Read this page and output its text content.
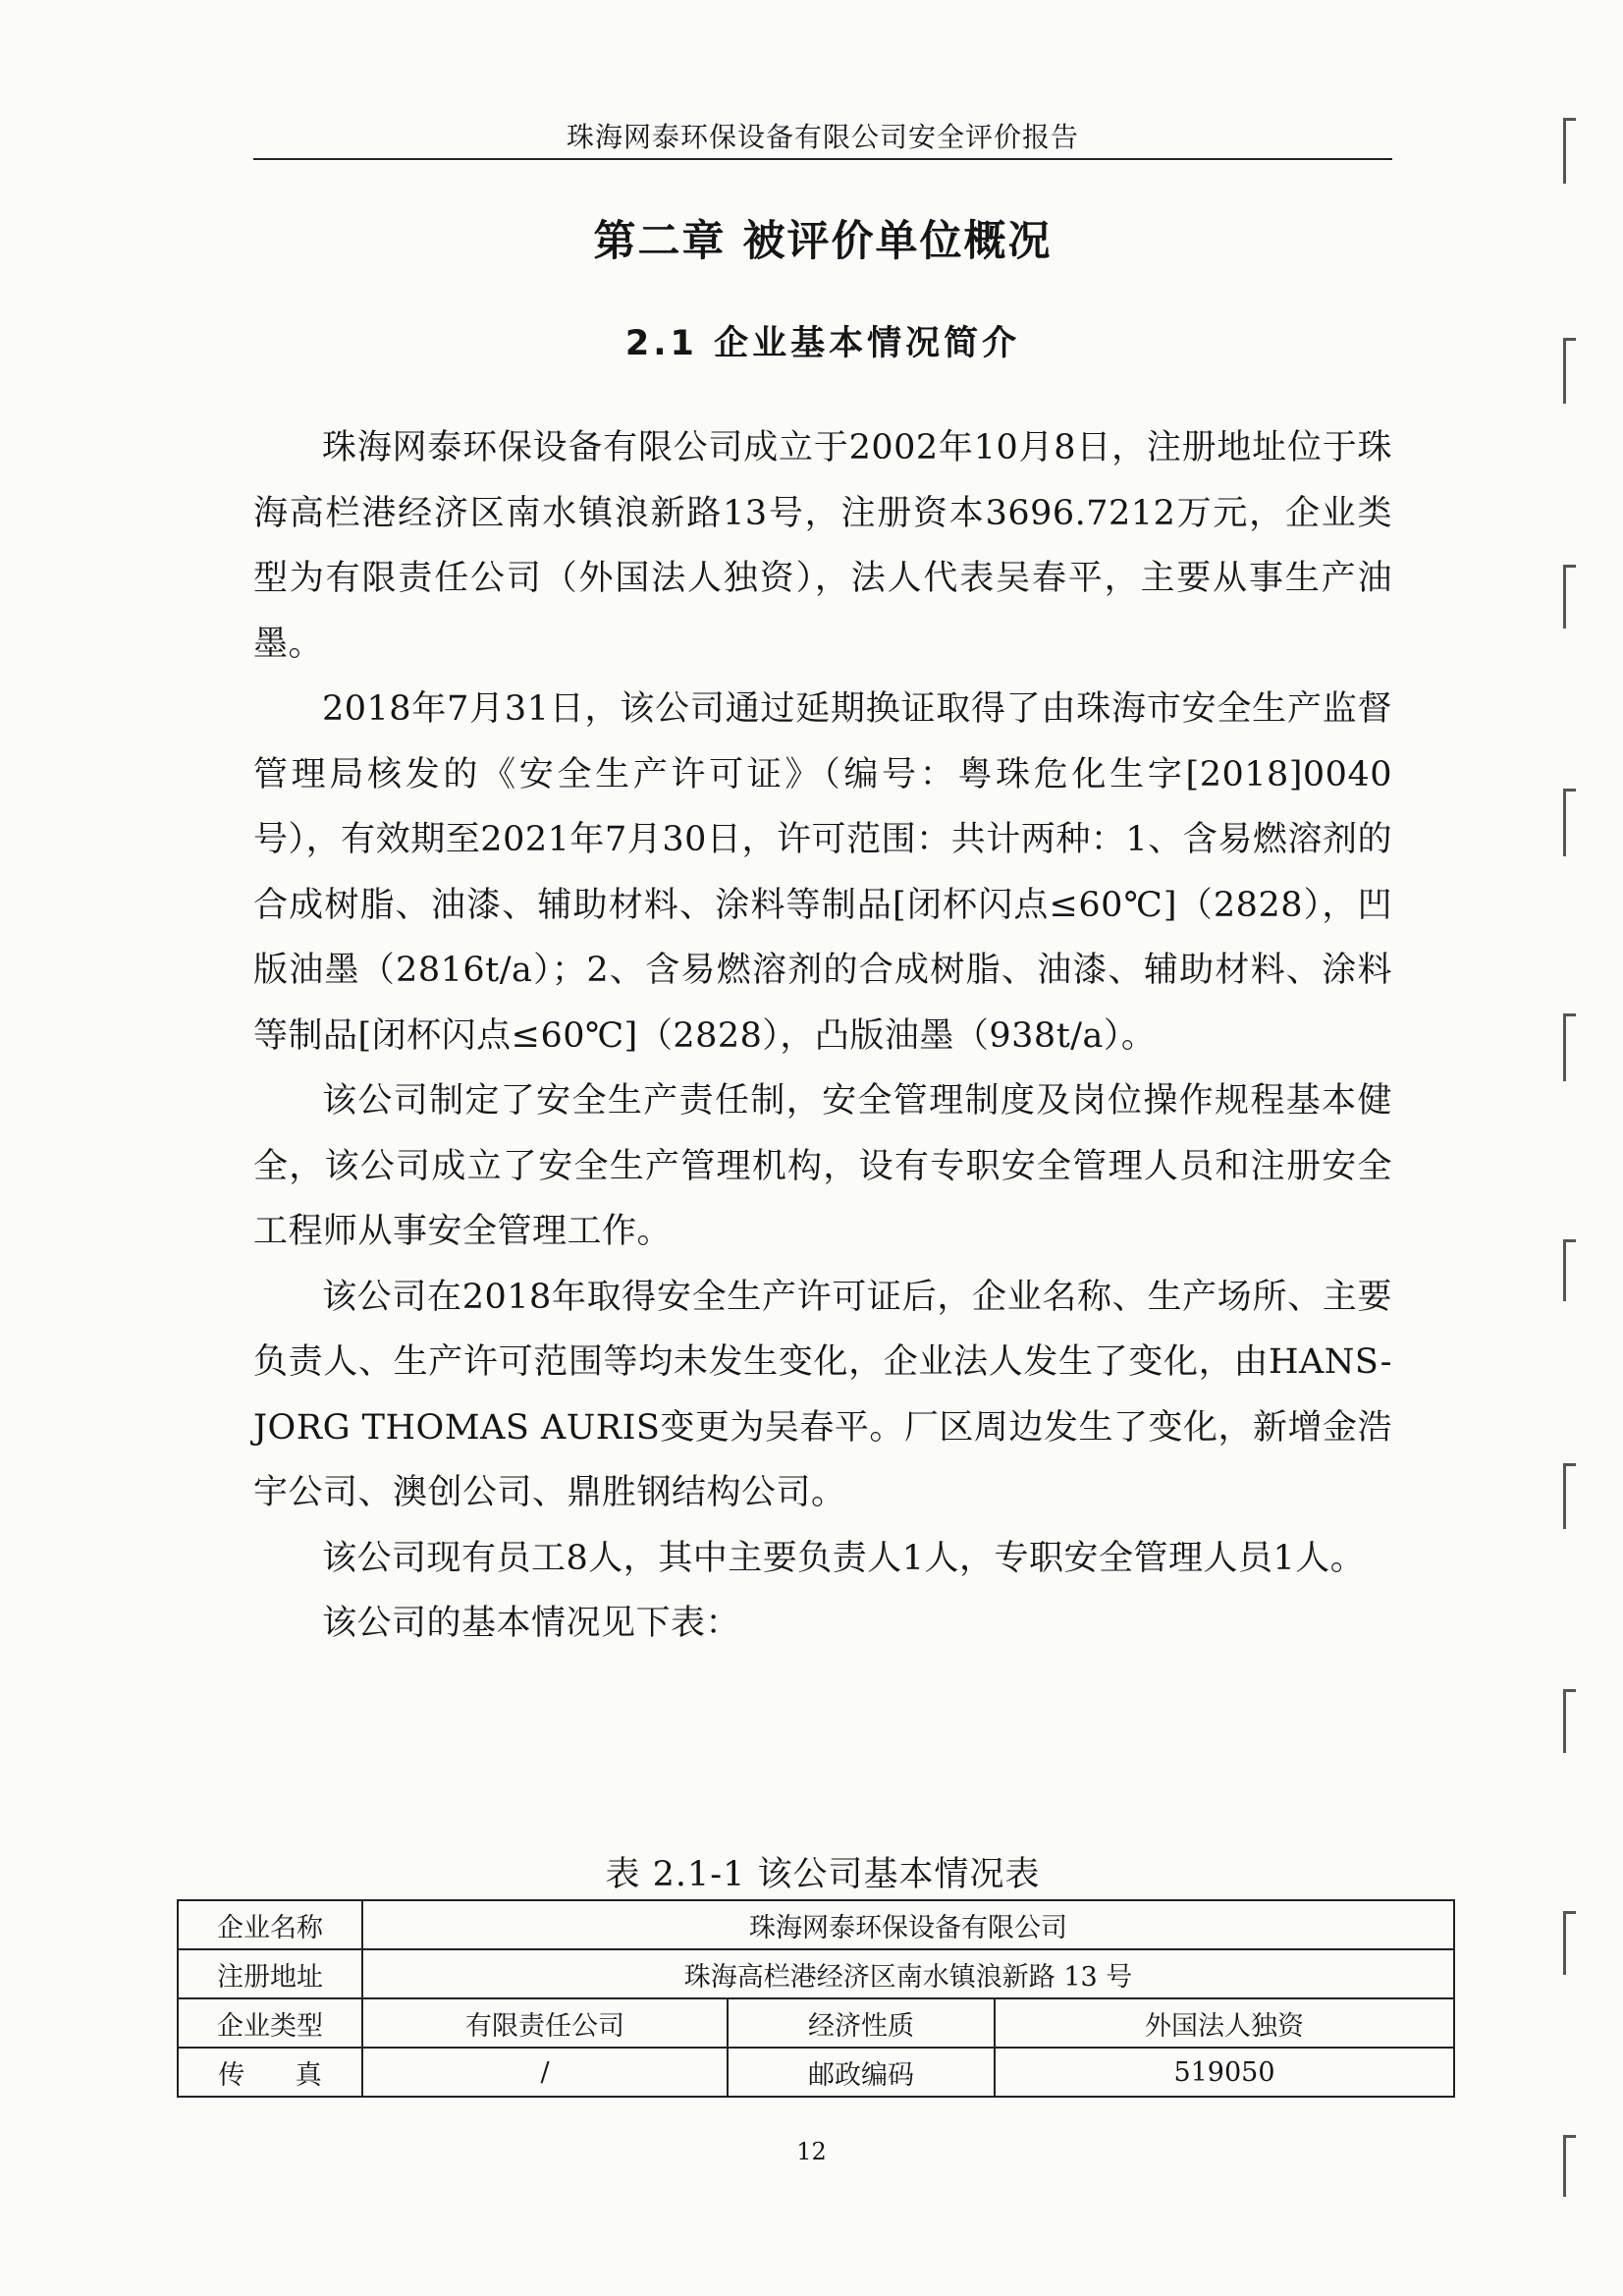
珠海网泰环保设备有限公司安全评价报告
第二章 被评价单位概况
2.1 企业基本情况简介

珠海网泰环保设备有限公司成立于2002年10月8日，注册地址位于珠海高栏港经济区南水镇浪新路13号，注册资本3696.7212万元，企业类型为有限责任公司（外国法人独资），法人代表吴春平，主要从事生产油墨。

2018年7月31日，该公司通过延期换证取得了由珠海市安全生产监督管理局核发的《安全生产许可证》（编号：粤珠危化生字[2018]0040号），有效期至2021年7月30日，许可范围：共计两种：1、含易燃溶剂的合成树脂、油漆、辅助材料、涂料等制品[闭杯闪点≤60℃]（2828），凹版油墨（2816t/a）；2、含易燃溶剂的合成树脂、油漆、辅助材料、涂料等制品[闭杯闪点≤60℃]（2828），凸版油墨（938t/a）。

该公司制定了安全生产责任制，安全管理制度及岗位操作规程基本健全，该公司成立了安全生产管理机构，设有专职安全管理人员和注册安全工程师从事安全管理工作。

该公司在2018年取得安全生产许可证后，企业名称、生产场所、主要负责人、生产许可范围等均未发生变化，企业法人发生了变化，由HANS-JORG THOMAS AURIS变更为吴春平。厂区周边发生了变化，新增金浩宇公司、澳创公司、鼎胜钢结构公司。

该公司现有员工8人，其中主要负责人1人，专职安全管理人员1人。

该公司的基本情况见下表：

表 2.1-1 该公司基本情况表
企业名称	珠海网泰环保设备有限公司		
注册地址	珠海高栏港经济区南水镇浪新路 13 号		
企业类型	有限责任公司	经济性质	外国法人独资
传      真	/	邮政编码	519050
12
